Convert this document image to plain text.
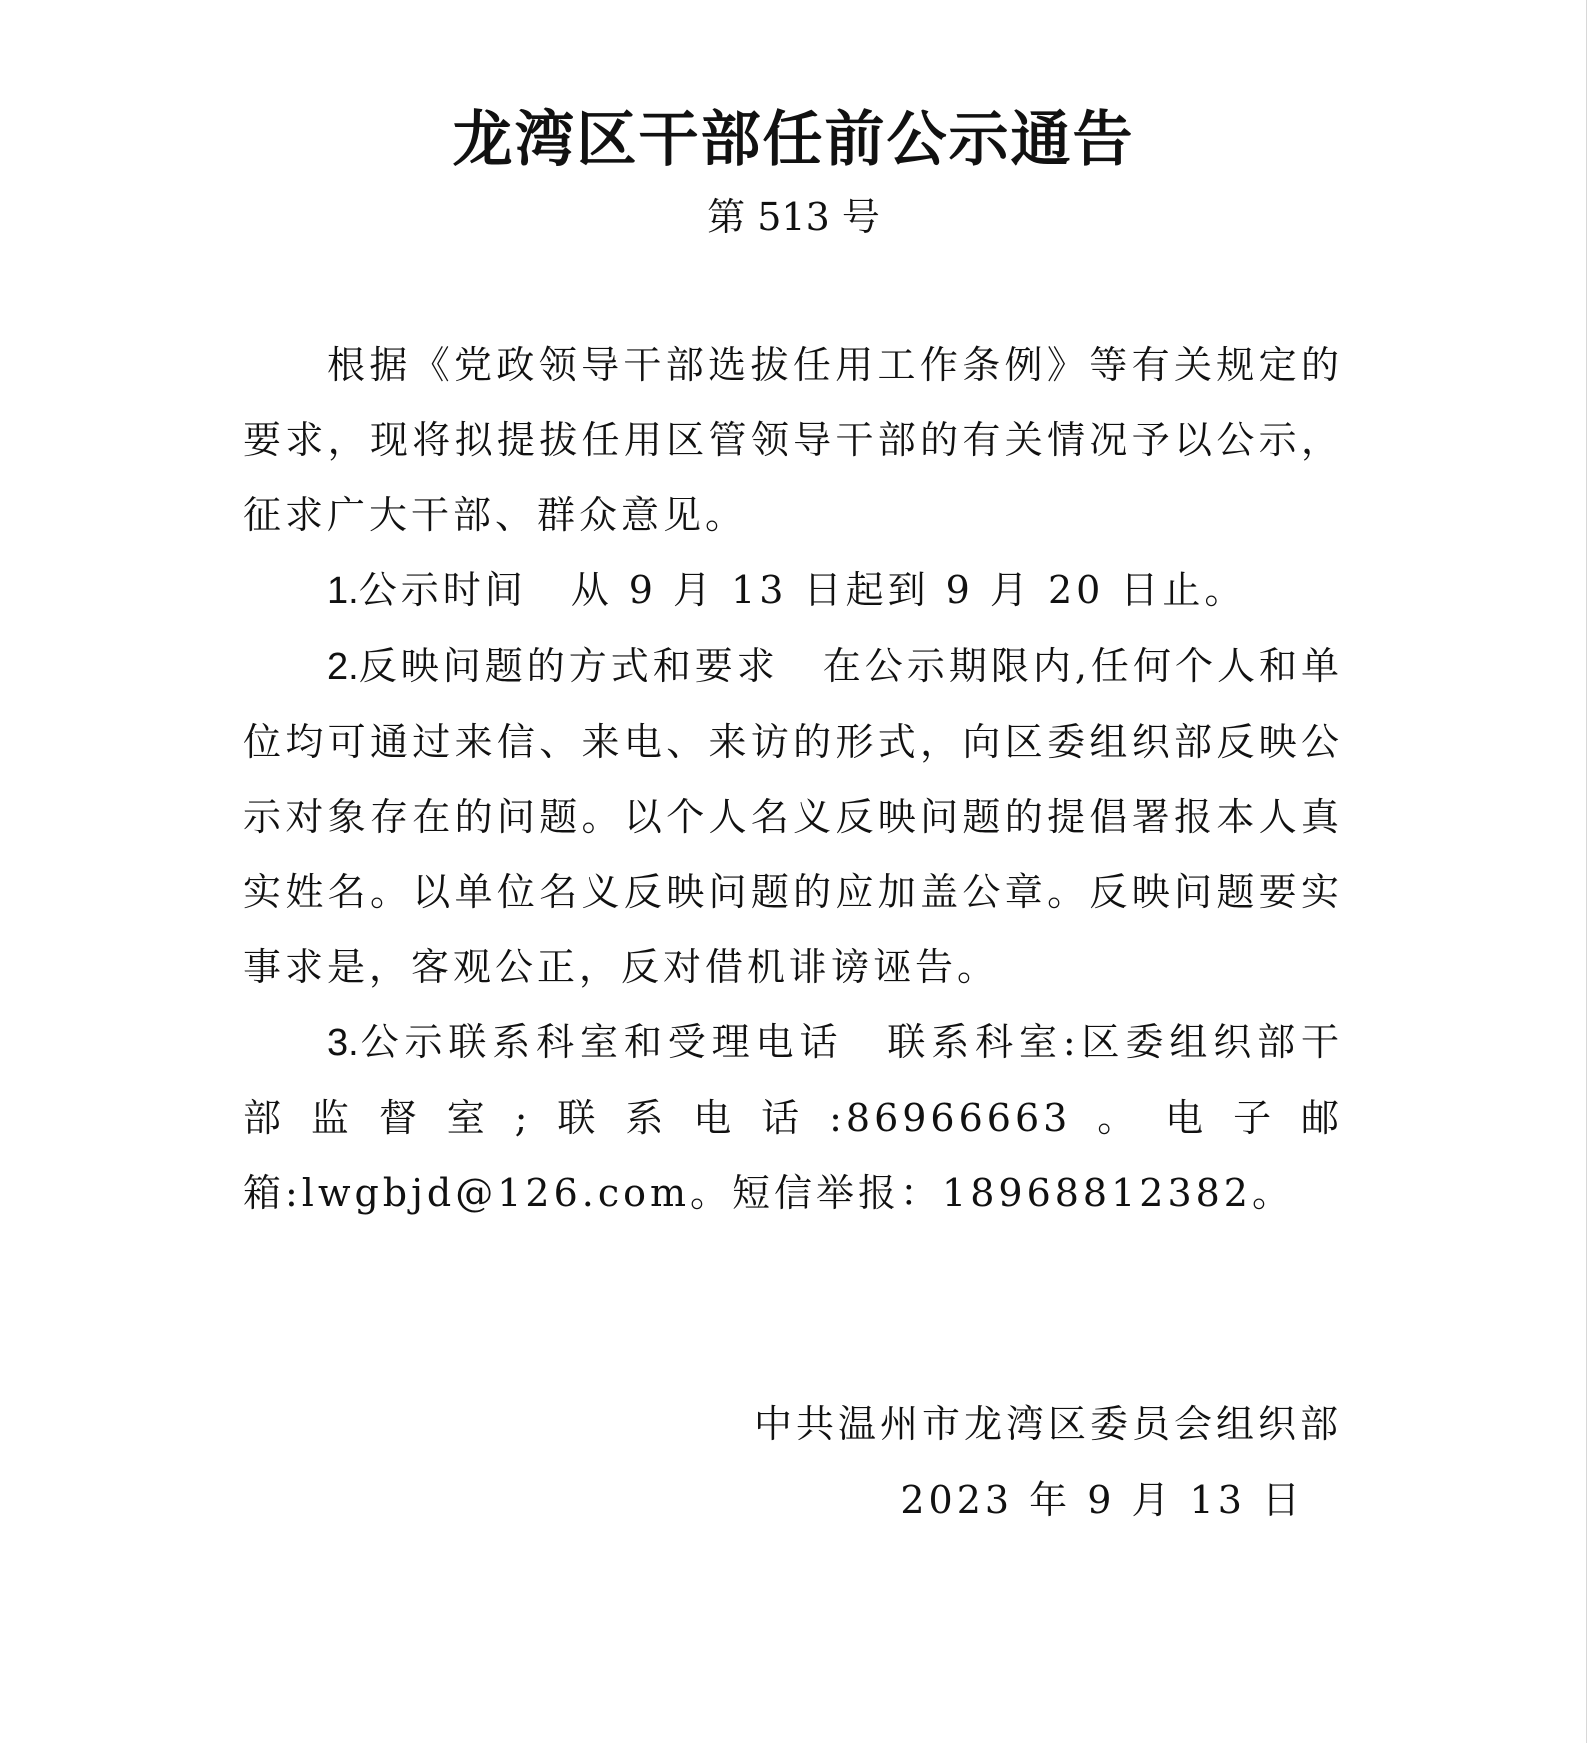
龙湾区干部任前公示通告
第 513 号

根据《党政领导干部选拔任用工作条例》等有关规定的要求，现将拟提拔任用区管领导干部的有关情况予以公示，征求广大干部、群众意见。

1.公示时间 从 9 月 13 日起到 9 月 20 日止。

2.反映问题的方式和要求 在公示期限内,任何个人和单位均可通过来信、来电、来访的形式，向区委组织部反映公示对象存在的问题。以个人名义反映问题的提倡署报本人真实姓名。以单位名义反映问题的应加盖公章。反映问题要实事求是，客观公正，反对借机诽谤诬告。

3.公示联系科室和受理电话 联系科室:区委组织部干部监督室;联系电话:86966663。电子邮箱:lwgbjd@126.com。短信举报：18968812382。

中共温州市龙湾区委员会组织部
2023 年 9 月 13 日
